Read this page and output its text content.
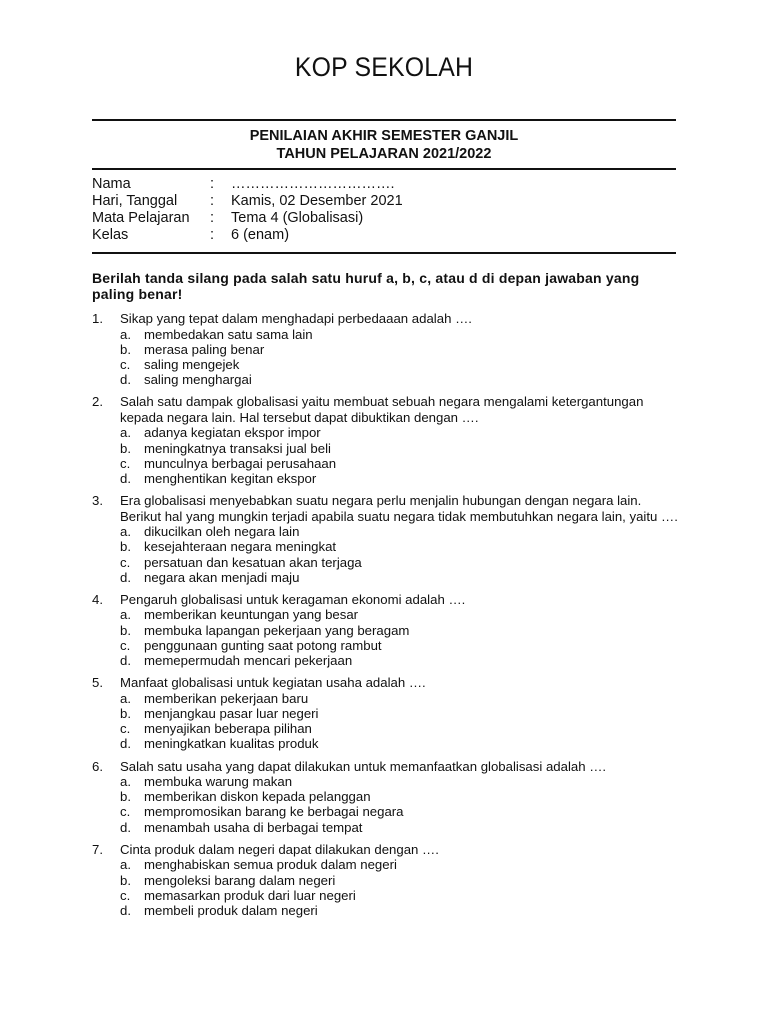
KOP SEKOLAH
PENILAIAN AKHIR SEMESTER GANJIL
TAHUN PELAJARAN 2021/2022
Nama	: …………………………….
Hari, Tanggal : Kamis, 02 Desember 2021
Mata Pelajaran : Tema 4 (Globalisasi)
Kelas	: 6 (enam)
Berilah tanda silang pada salah satu huruf a, b, c, atau d di depan jawaban yang paling benar!
1. Sikap yang tepat dalam menghadapi perbedaaan adalah ….
a. membedakan satu sama lain
b. merasa paling benar
c. saling mengejek
d. saling menghargai
2. Salah satu dampak globalisasi yaitu membuat sebuah negara mengalami ketergantungan kepada negara lain. Hal tersebut dapat dibuktikan dengan ….
a. adanya kegiatan ekspor impor
b. meningkatnya transaksi jual beli
c. munculnya berbagai perusahaan
d. menghentikan kegitan ekspor
3. Era globalisasi menyebabkan suatu negara perlu menjalin hubungan dengan negara lain. Berikut hal yang mungkin terjadi apabila suatu negara tidak membutuhkan negara lain, yaitu ….
a. dikucilkan oleh negara lain
b. kesejahteraan negara meningkat
c. persatuan dan kesatuan akan terjaga
d. negara akan menjadi maju
4. Pengaruh globalisasi untuk keragaman ekonomi adalah ….
a. memberikan keuntungan yang besar
b. membuka lapangan pekerjaan yang beragam
c. penggunaan gunting saat potong rambut
d. memepermudah mencari pekerjaan
5. Manfaat globalisasi untuk kegiatan usaha adalah ….
a. memberikan pekerjaan baru
b. menjangkau pasar luar negeri
c. menyajikan beberapa pilihan
d. meningkatkan kualitas produk
6. Salah satu usaha yang dapat dilakukan untuk memanfaatkan globalisasi adalah ….
a. membuka warung makan
b. memberikan diskon kepada pelanggan
c. mempromosikan barang ke berbagai negara
d. menambah usaha di berbagai tempat
7. Cinta produk dalam negeri dapat dilakukan dengan ….
a. menghabiskan semua produk dalam negeri
b. mengoleksi barang dalam negeri
c. memasarkan produk dari luar negeri
d. membeli produk dalam negeri
